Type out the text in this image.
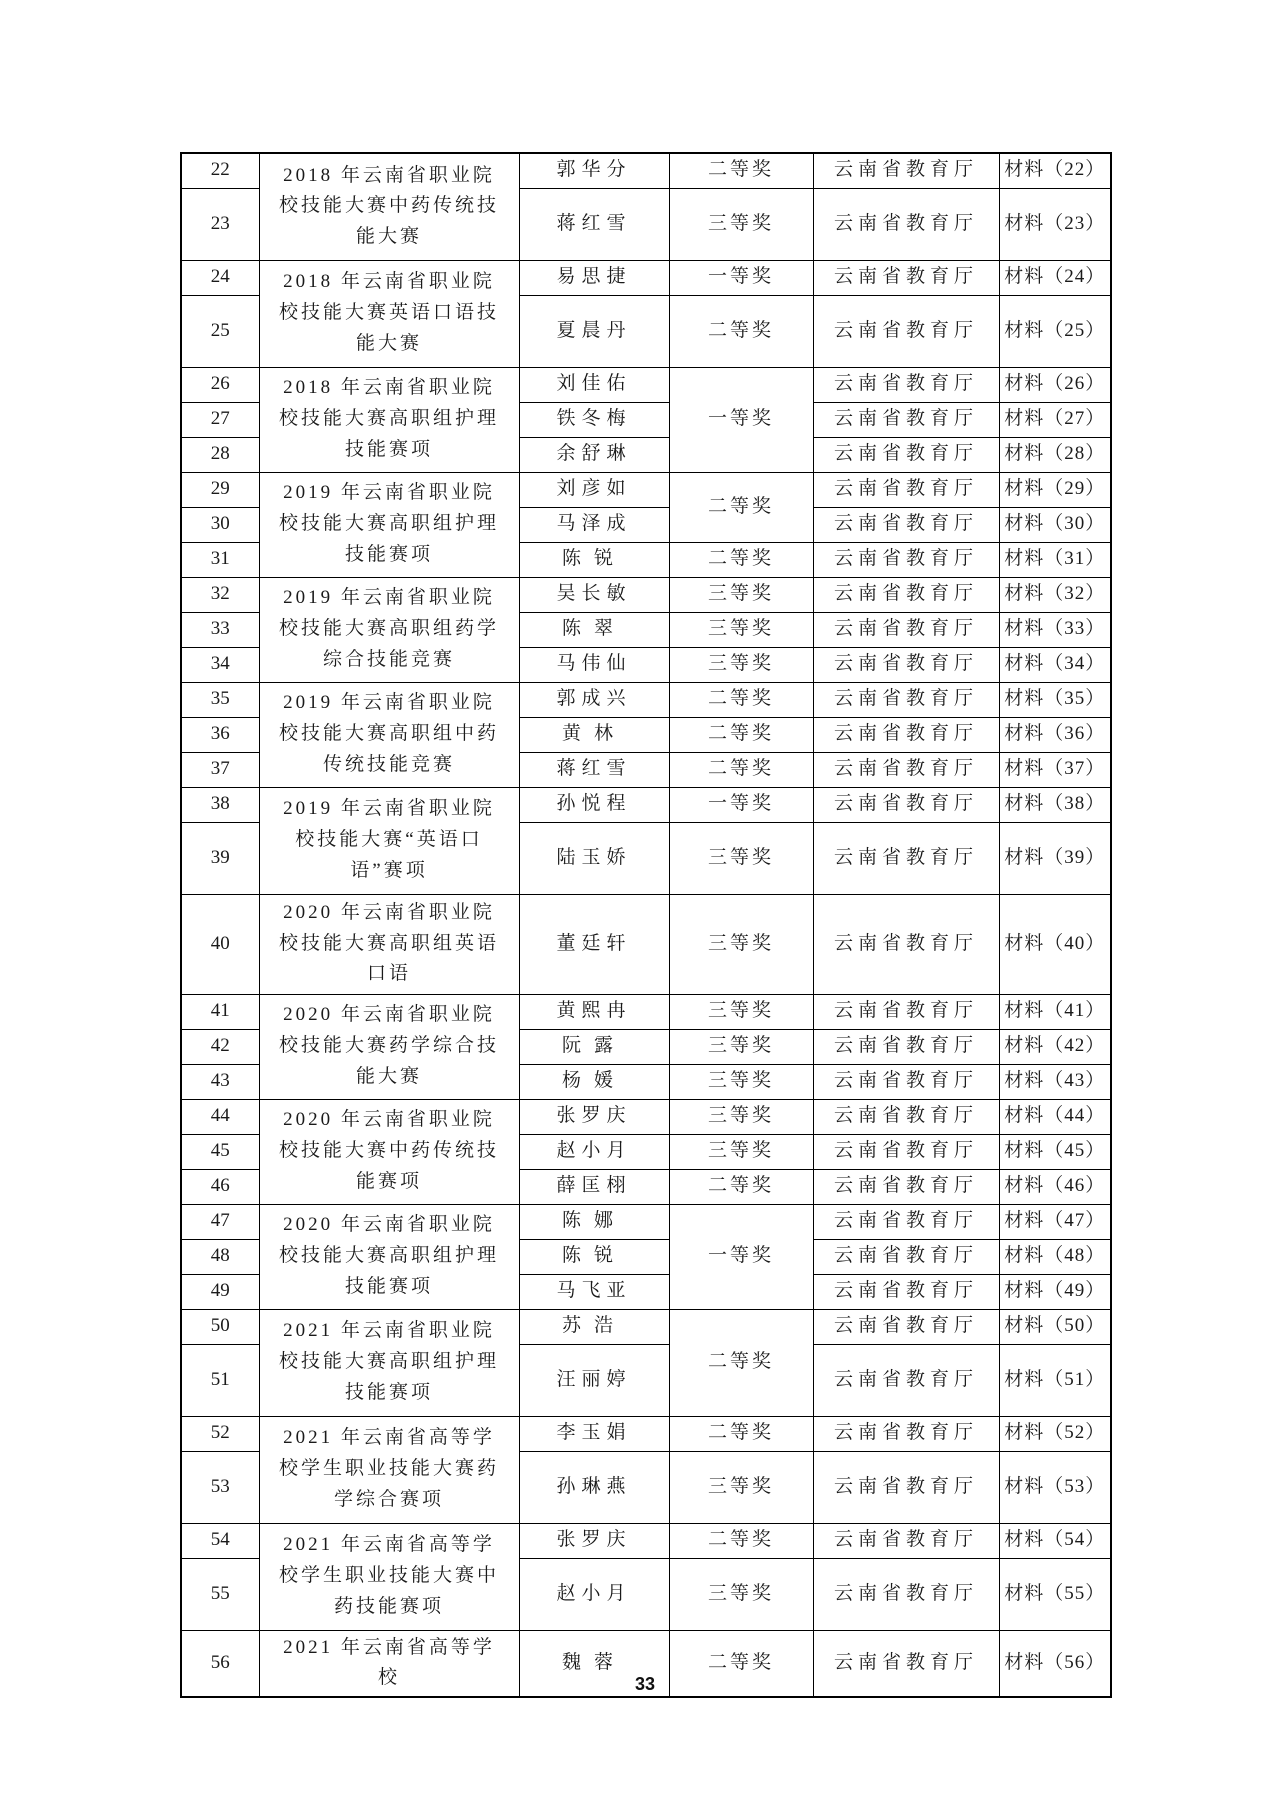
22	2018 年云南省职业院校技能大赛中药传统技能大赛	郭华分	二等奖	云南省教育厅	材料（22）
23		蒋红雪	三等奖	云南省教育厅	材料（23）
24	2018 年云南省职业院校技能大赛英语口语技能大赛	易思捷	一等奖	云南省教育厅	材料（24）
25		夏晨丹	二等奖	云南省教育厅	材料（25）
26	2018 年云南省职业院校技能大赛高职组护理技能赛项	刘佳佑	一等奖	云南省教育厅	材料（26）
27		铁冬梅		云南省教育厅	材料（27）
28		余舒琳		云南省教育厅	材料（28）
29	2019 年云南省职业院校技能大赛高职组护理技能赛项	刘彦如	二等奖	云南省教育厅	材料（29）
30		马泽成		云南省教育厅	材料（30）
31		陈锐	二等奖	云南省教育厅	材料（31）
32	2019 年云南省职业院校技能大赛高职组药学综合技能竞赛	吴长敏	三等奖	云南省教育厅	材料（32）
33		陈翠	三等奖	云南省教育厅	材料（33）
34		马伟仙	三等奖	云南省教育厅	材料（34）
35	2019 年云南省职业院校技能大赛高职组中药传统技能竞赛	郭成兴	二等奖	云南省教育厅	材料（35）
36		黄林	二等奖	云南省教育厅	材料（36）
37		蒋红雪	二等奖	云南省教育厅	材料（37）
38	2019 年云南省职业院校技能大赛“英语口语”赛项	孙悦程	一等奖	云南省教育厅	材料（38）
39		陆玉娇	三等奖	云南省教育厅	材料（39）
40	2020 年云南省职业院校技能大赛高职组英语口语	董廷轩	三等奖	云南省教育厅	材料（40）
41	2020 年云南省职业院校技能大赛药学综合技能大赛	黄熙冉	三等奖	云南省教育厅	材料（41）
42		阮露	三等奖	云南省教育厅	材料（42）
43		杨媛	三等奖	云南省教育厅	材料（43）
44	2020 年云南省职业院校技能大赛中药传统技能赛项	张罗庆	三等奖	云南省教育厅	材料（44）
45		赵小月	三等奖	云南省教育厅	材料（45）
46		薛匡栩	二等奖	云南省教育厅	材料（46）
47	2020 年云南省职业院校技能大赛高职组护理技能赛项	陈娜	一等奖	云南省教育厅	材料（47）
48		陈锐		云南省教育厅	材料（48）
49		马飞亚		云南省教育厅	材料（49）
50	2021 年云南省职业院校技能大赛高职组护理技能赛项	苏浩	二等奖	云南省教育厅	材料（50）
51		汪丽婷		云南省教育厅	材料（51）
52	2021 年云南省高等学校学生职业技能大赛药学综合赛项	李玉娟	二等奖	云南省教育厅	材料（52）
53		孙琳燕	三等奖	云南省教育厅	材料（53）
54	2021 年云南省高等学校学生职业技能大赛中药技能赛项	张罗庆	二等奖	云南省教育厅	材料（54）
55		赵小月	三等奖	云南省教育厅	材料（55）
56	2021 年云南省高等学校	魏蓉	二等奖	云南省教育厅	材料（56）
33
